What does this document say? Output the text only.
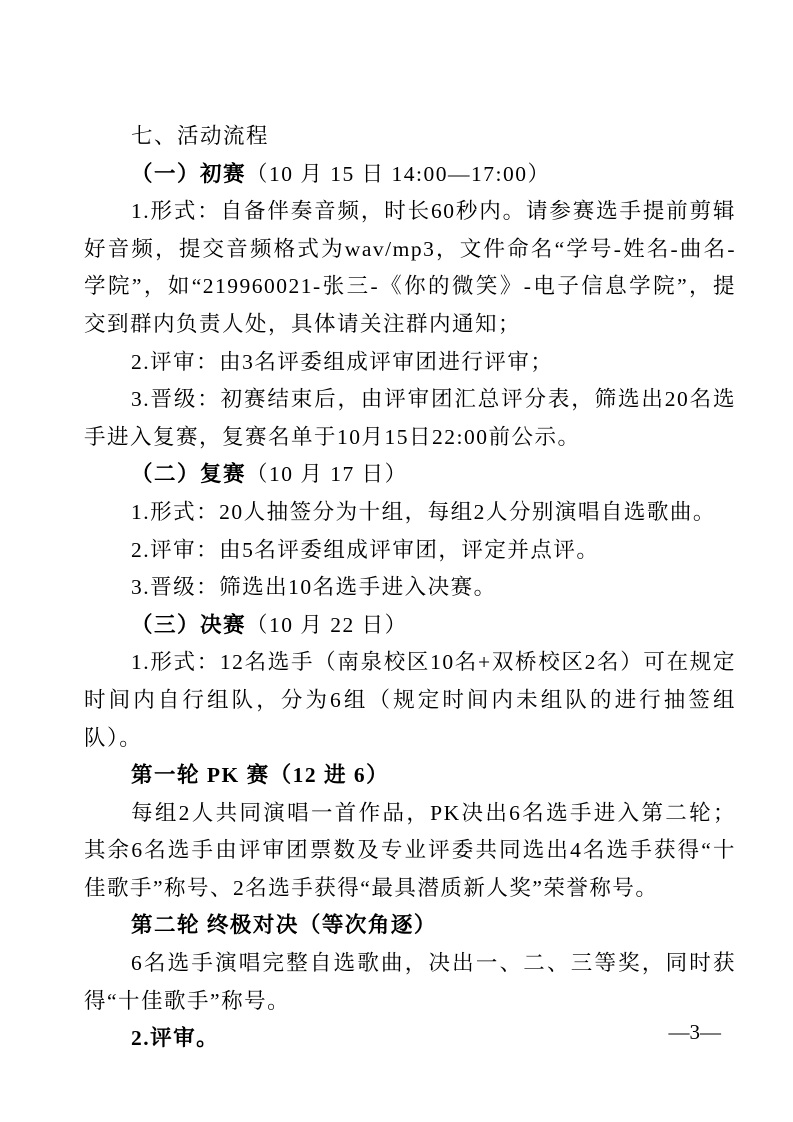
七、活动流程

（一）初赛（10 月 15 日 14:00—17:00）

1.形式：自备伴奏音频，时长60秒内。请参赛选手提前剪辑好音频，提交音频格式为wav/mp3，文件命名“学号-姓名-曲名-学院”，如“219960021-张三-《你的微笑》-电子信息学院”，提交到群内负责人处，具体请关注群内通知；

2.评审：由3名评委组成评审团进行评审；

3.晋级：初赛结束后，由评审团汇总评分表，筛选出20名选手进入复赛，复赛名单于10月15日22:00前公示。

（二）复赛（10 月 17 日）

1.形式：20人抽签分为十组，每组2人分别演唱自选歌曲。

2.评审：由5名评委组成评审团，评定并点评。

3.晋级：筛选出10名选手进入决赛。

（三）决赛（10 月 22 日）

1.形式：12名选手（南泉校区10名+双桥校区2名）可在规定时间内自行组队，分为6组（规定时间内未组队的进行抽签组队）。

第一轮 PK 赛（12 进 6）

每组2人共同演唱一首作品，PK决出6名选手进入第二轮；其余6名选手由评审团票数及专业评委共同选出4名选手获得“十佳歌手”称号、2名选手获得“最具潜质新人奖”荣誉称号。

第二轮 终极对决（等次角逐）

6名选手演唱完整自选歌曲，决出一、二、三等奖，同时获得“十佳歌手”称号。

2.评审。	—3—
